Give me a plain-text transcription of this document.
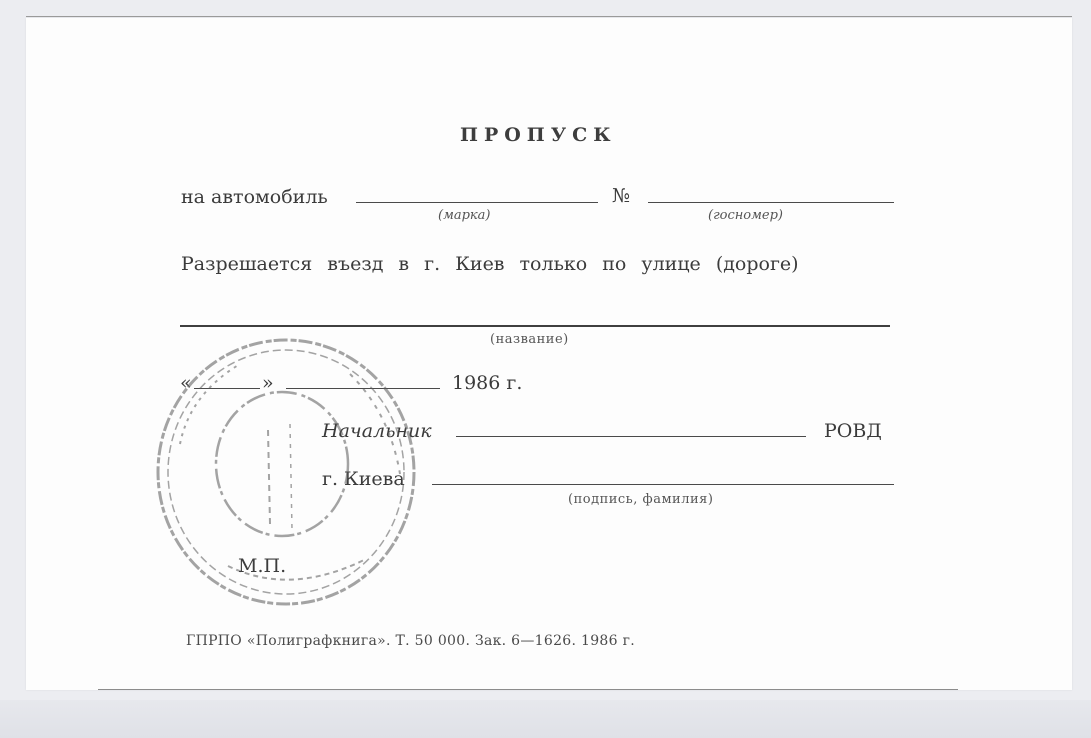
ПРОПУСК
на автомобиль	№
(марка)	(госномер)
Разрешается въезд в г. Киев только по улице (дороге)
(название)
«	»	1986 г.
Начальник	РОВД
г. Киева
(подпись, фамилия)
М.П.
ГПРПО «Полиграфкнига». Т. 50 000. Зак. 6—1626. 1986 г.
